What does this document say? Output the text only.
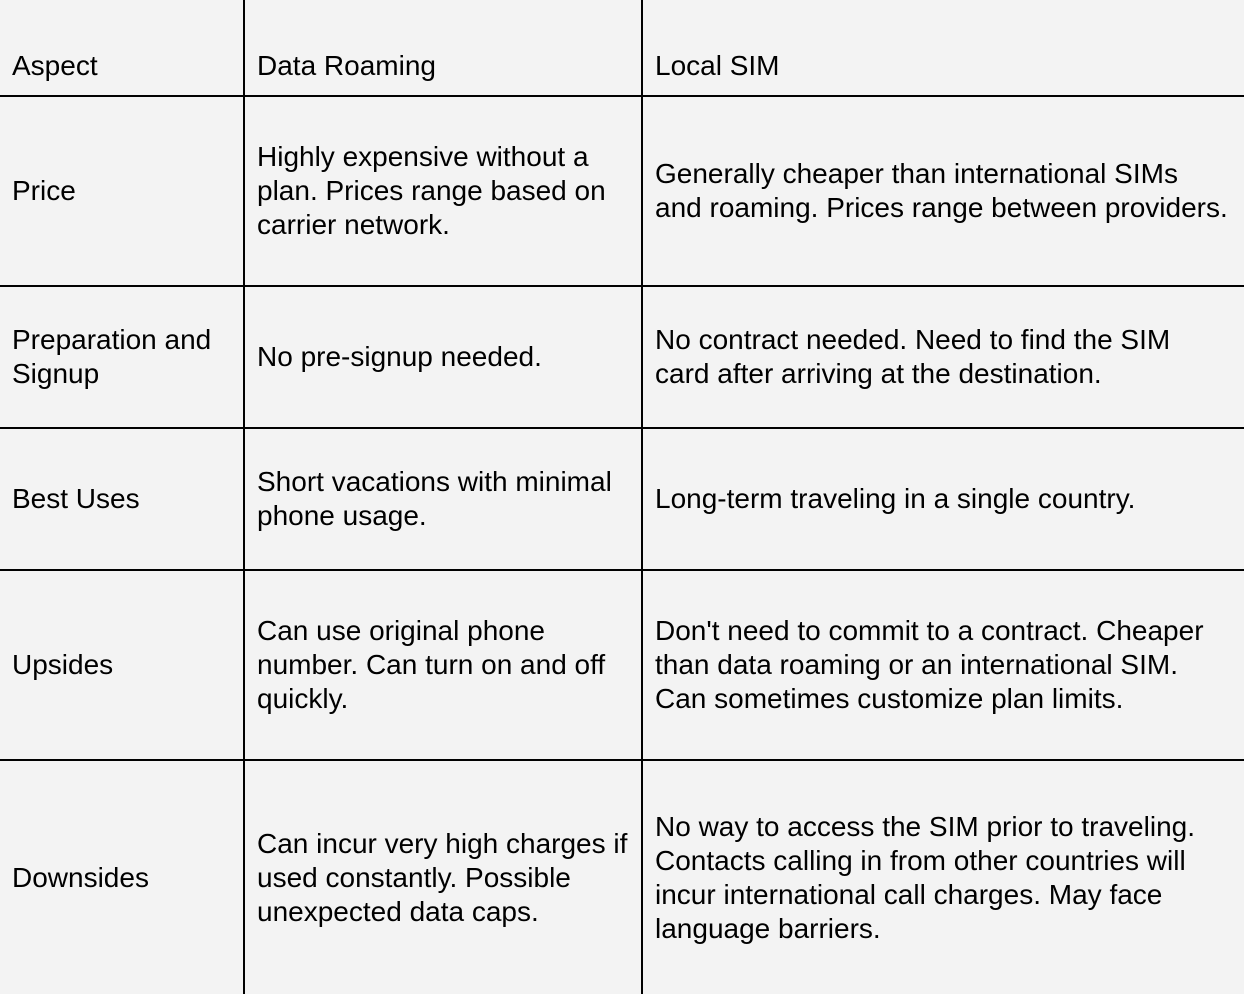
Aspect	Data Roaming	Local SIM
Price	Highly expensive without a plan. Prices range based on carrier network.	Generally cheaper than international SIMs and roaming. Prices range between providers.
Preparation and Signup	No pre-signup needed.	No contract needed. Need to find the SIM card after arriving at the destination.
Best Uses	Short vacations with minimal phone usage.	Long-term traveling in a single country.
Upsides	Can use original phone number. Can turn on and off quickly.	Don't need to commit to a contract. Cheaper than data roaming or an international SIM. Can sometimes customize plan limits.
Downsides	Can incur very high charges if used constantly. Possible unexpected data caps.	No way to access the SIM prior to traveling. Contacts calling in from other countries will incur international call charges. May face language barriers.
